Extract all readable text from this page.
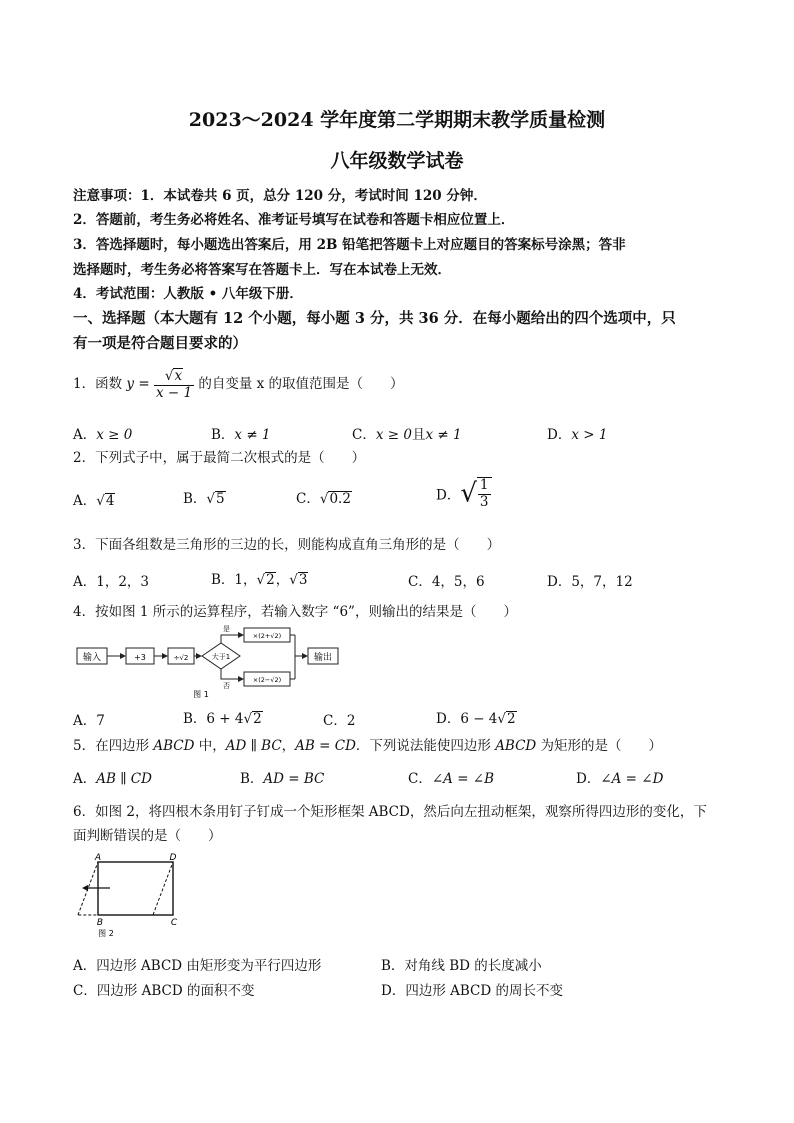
2023～2024 学年度第二学期期末教学质量检测
八年级数学试卷
注意事项：1．本试卷共 6 页，总分 120 分，考试时间 120 分钟．
2．答题前，考生务必将姓名、准考证号填写在试卷和答题卡相应位置上．
3．答选择题时，每小题选出答案后，用 2B 铅笔把答题卡上对应题目的答案标号涂黑；答非
选择题时，考生务必将答案写在答题卡上．写在本试卷上无效．
4．考试范围：人教版 • 八年级下册．
一、选择题（本大题有 12 个小题，每小题 3 分，共 36 分．在每小题给出的四个选项中，只
有一项是符合题目要求的）
1．函数 $y = \frac{√x}{x - 1}$ 的自变量 x 的取值范围是（　　）
A．x ≥ 0	B．x ≠ 1	C．x ≥ 0且x ≠ 1	D．x > 1
2．下列式子中，属于最简二次根式的是（　　）
A．√4	B．√5	C．√0.2	D．√ $\frac{1}{3}$
3．下面各组数是三角形的三边的长，则能构成直角三角形的是（　　）
A．1，2，3	B．1，√2，√3	C．4，5，6	D．5，7，12
4．按如图 1 所示的运算程序，若输入数字 “6”，则输出的结果是（　　）
输入	+3	÷√2	大于1
是
×(2+√2)
否
×(2−√2)
输出
图 1
A．7	B．6 + 4√2	C．2	D．6 − 4√2
5．在四边形 ABCD 中，AD ∥ BC，AB = CD．下列说法能使四边形 ABCD 为矩形的是（　　）
A．AB ∥ CD	B．AD = BC	C．∠A = ∠B	D．∠A = ∠D
6．如图 2，将四根木条用钉子钉成一个矩形框架 ABCD，然后向左扭动框架，观察所得四边形的变化，下
面判断错误的是（　　）
A	D
B	C
图 2
A．四边形 ABCD 由矩形变为平行四边形	B．对角线 BD 的长度减小
C．四边形 ABCD 的面积不变	D．四边形 ABCD 的周长不变
